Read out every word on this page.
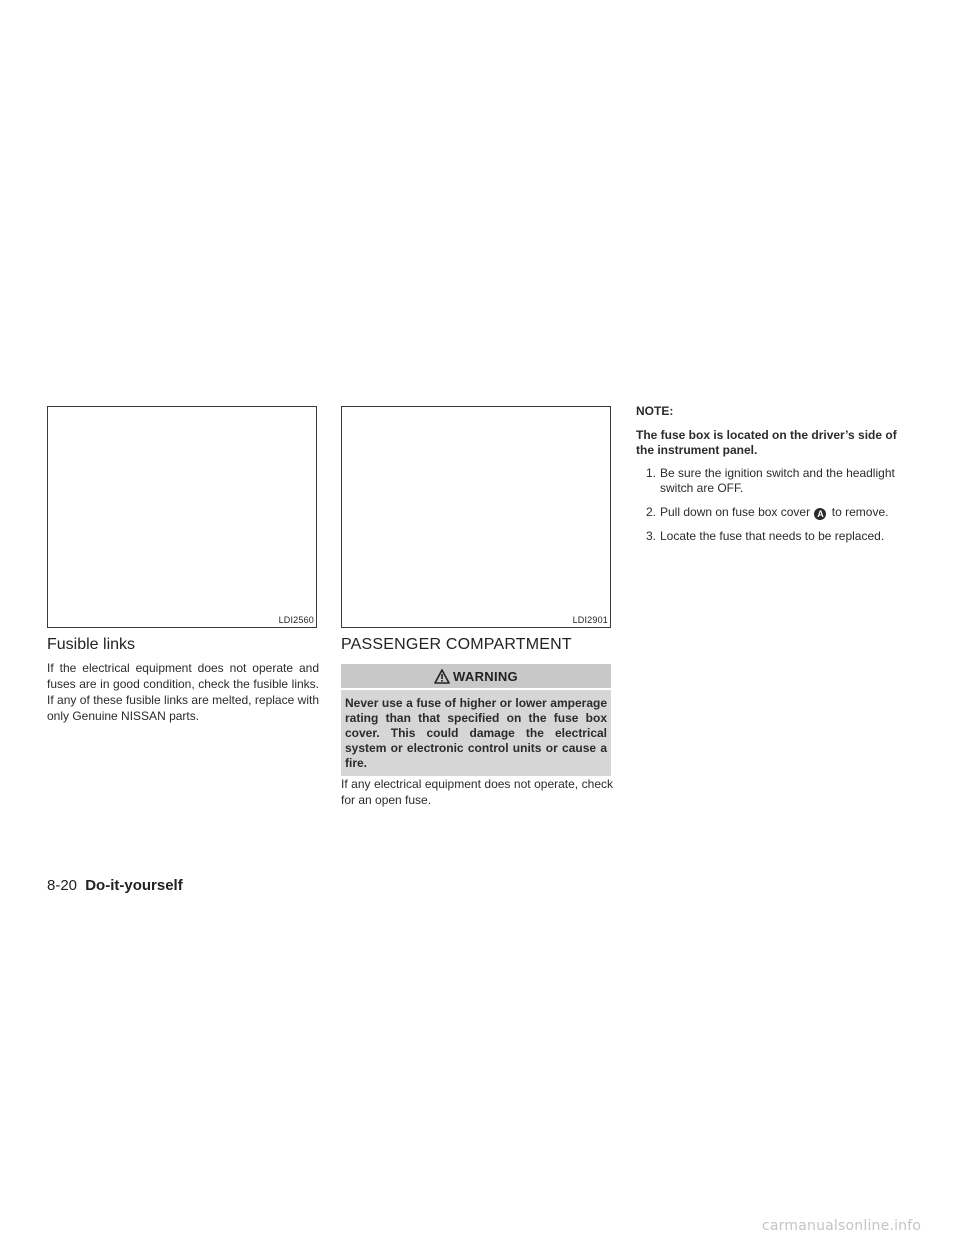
LDI2560	LDI2901
Fusible links

If the electrical equipment does not operate and fuses are in good condition, check the fusible links. If any of these fusible links are melted, replace with only Genuine NISSAN parts.

PASSENGER COMPARTMENT
WARNING
Never use a fuse of higher or lower amperage rating than that specified on the fuse box cover. This could damage the electrical system or electronic control units or cause a fire.

If any electrical equipment does not operate, check for an open fuse.

NOTE:

The fuse box is located on the driver’s side of the instrument panel.

1. Be sure the ignition switch and the headlight switch are OFF.
2. Pull down on fuse box cover A to remove.
3. Locate the fuse that needs to be replaced.
8-20 Do-it-yourself
carmanualsonline.info
